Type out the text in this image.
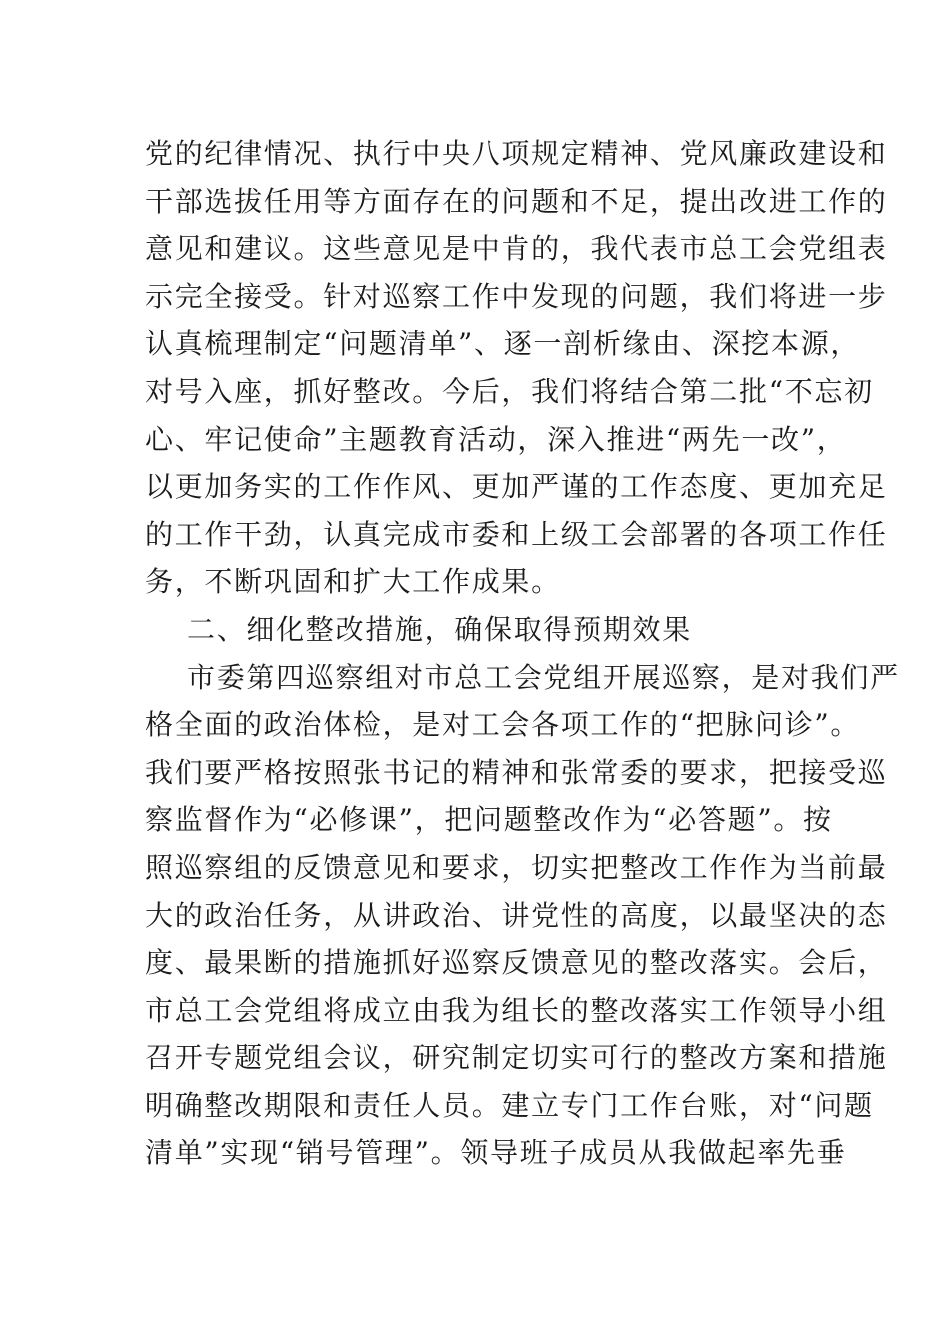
党的纪律情况、执行中央八项规定精神、党风廉政建设和
干部选拔任用等方面存在的问题和不足，提出改进工作的
意见和建议。这些意见是中肯的，我代表市总工会党组表
示完全接受。针对巡察工作中发现的问题，我们将进一步
认真梳理制定“问题清单”、逐一剖析缘由、深挖本源，
对号入座，抓好整改。今后，我们将结合第二批“不忘初
心、牢记使命”主题教育活动，深入推进“两先一改”，
以更加务实的工作作风、更加严谨的工作态度、更加充足
的工作干劲，认真完成市委和上级工会部署的各项工作任
务，不断巩固和扩大工作成果。
二、细化整改措施，确保取得预期效果
市委第四巡察组对市总工会党组开展巡察，是对我们严
格全面的政治体检，是对工会各项工作的“把脉问诊”。
我们要严格按照张书记的精神和张常委的要求，把接受巡
察监督作为“必修课”，把问题整改作为“必答题”。按
照巡察组的反馈意见和要求，切实把整改工作作为当前最
大的政治任务，从讲政治、讲党性的高度，以最坚决的态
度、最果断的措施抓好巡察反馈意见的整改落实。会后，
市总工会党组将成立由我为组长的整改落实工作领导小组
召开专题党组会议，研究制定切实可行的整改方案和措施
明确整改期限和责任人员。建立专门工作台账，对“问题
清单”实现“销号管理”。领导班子成员从我做起率先垂
